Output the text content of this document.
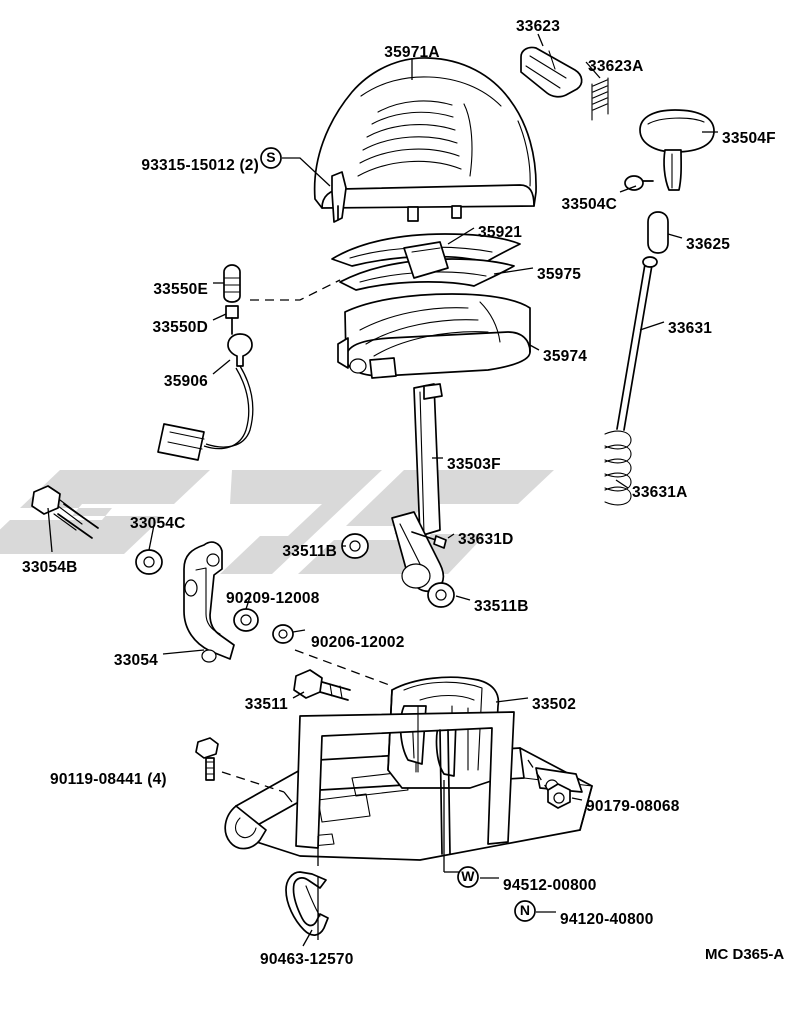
35971A
33623
33623A
33504F
93315-15012 (2)
33504C
35921
33625
35975
33550E
33631
33550D
35974
35906
33503F
33631A
33054C
33631D
33511B
33054B
90209-12008	33511B
90206-12002
33054
33502
33511
90119-08441 (4)
90179-08068
94512-00800
94120-40800
90463-12570
S
W
N
MC D365-A
